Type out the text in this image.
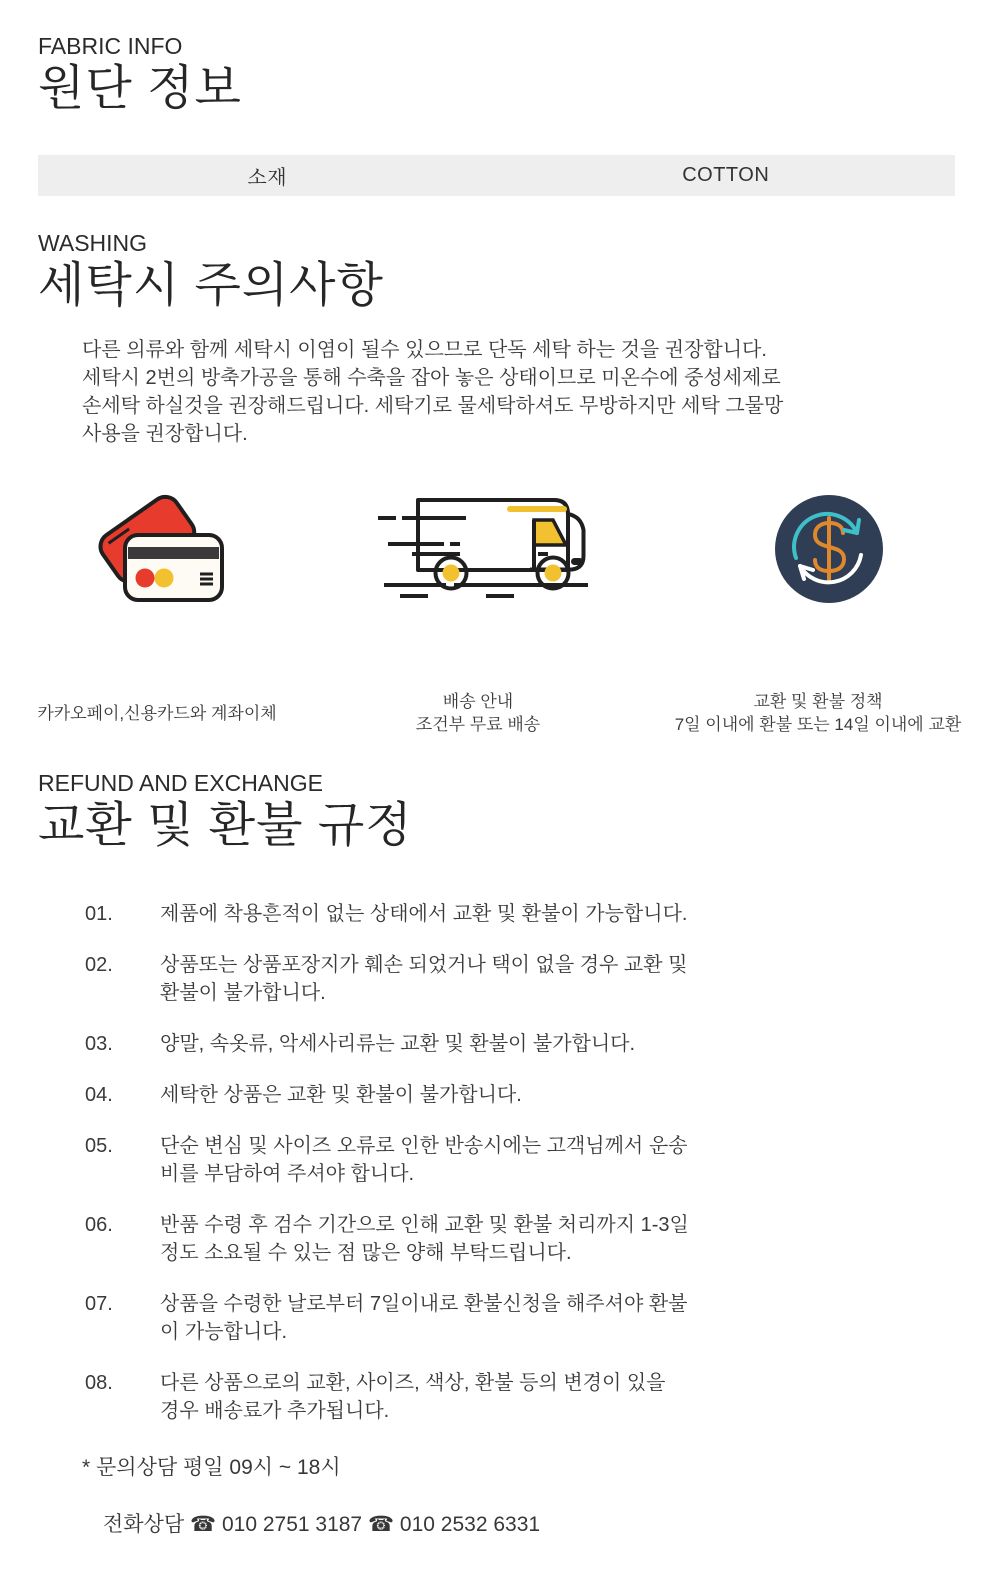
FABRIC INFO
원단 정보
소재	COTTON
WASHING
세탁시 주의사항
다른 의류와 함께 세탁시 이염이 될수 있으므로 단독 세탁 하는 것을 권장합니다.
세탁시 2번의 방축가공을 통해 수축을 잡아 놓은 상태이므로 미온수에 중성세제로
손세탁 하실것을 권장해드립니다. 세탁기로 물세탁하셔도 무방하지만 세탁 그물망
사용을 권장합니다.
카카오페이,신용카드와 계좌이체
배송 안내
조건부 무료 배송
교환 및 환불 정책
7일 이내에 환불 또는 14일 이내에 교환
REFUND AND EXCHANGE
교환 및 환불 규정
01.	제품에 착용흔적이 없는 상태에서 교환 및 환불이 가능합니다.
02.	상품또는 상품포장지가 훼손 되었거나 택이 없을 경우 교환 및
환불이 불가합니다.
03.	양말, 속옷류, 악세사리류는 교환 및 환불이 불가합니다.
04.	세탁한 상품은 교환 및 환불이 불가합니다.
05.	단순 변심 및 사이즈 오류로 인한 반송시에는 고객님께서 운송
비를 부담하여 주셔야 합니다.
06.	반품 수령 후 검수 기간으로 인해 교환 및 환불 처리까지 1-3일
정도 소요될 수 있는 점 많은 양해 부탁드립니다.
07.	상품을 수령한 날로부터 7일이내로 환불신청을 해주셔야 환불
이 가능합니다.
08.	다른 상품으로의 교환, 사이즈, 색상, 환불 등의 변경이 있을
경우 배송료가 추가됩니다.
* 문의상담 평일 09시 ~ 18시
전화상담 ☎ 010 2751 3187 ☎ 010 2532 6331
